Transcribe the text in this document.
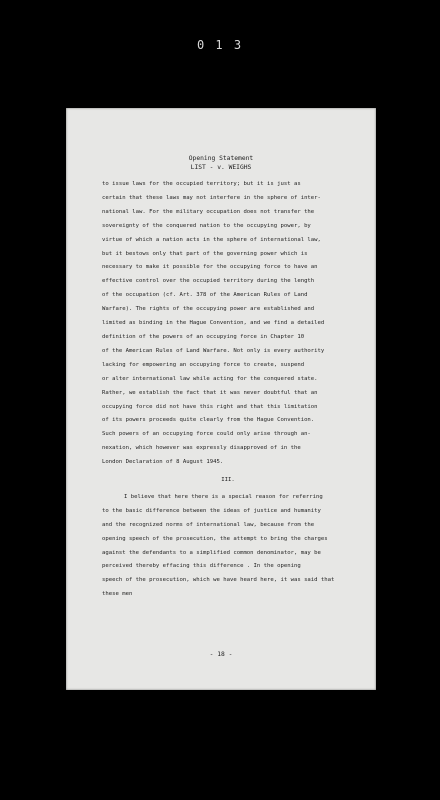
0 1 3
Opening Statement
LIST - v. WEIGHS
to issue laws for the occupied territory; but it is just as
certain that these laws may not interfere in the sphere of inter-
national law. For the military occupation does not transfer the
sovereignty of the conquered nation to the occupying power, by
virtue of which a nation acts in the sphere of international law,
but it bestows only that part of the governing power which is
necessary to make it possible for the occupying force to have an
effective control over the occupied territory during the length
of the occupation (cf. Art. 378 of the American Rules of Land
Warfare). The rights of the occupying power are established and
limited as binding in the Hague Convention, and we find a detailed
definition of the powers of an occupying force in Chapter 10
of the American Rules of Land Warfare. Not only is every authority
lacking for empowering an occupying force to create, suspend
or alter international law while acting for the conquered state.
Rather, we establish the fact that it was never doubtful that an
occupying force did not have this right and that this limitation
of its powers proceeds quite clearly from the Hague Convention.
Such powers of an occupying force could only arise through an-
nexation, which however was expressly disapproved of in the
London Declaration of 8 August 1945.
III.
I believe that here there is a special reason for referring
to the basic difference between the ideas of justice and humanity
and the recognized norms of international law, because from the
opening speech of the prosecution, the attempt to bring the charges
against the defendants to a simplified common denominator, may be
perceived thereby effacing this difference . In the opening
speech of the prosecution, which we have heard here, it was said that
these men
- 18 -
